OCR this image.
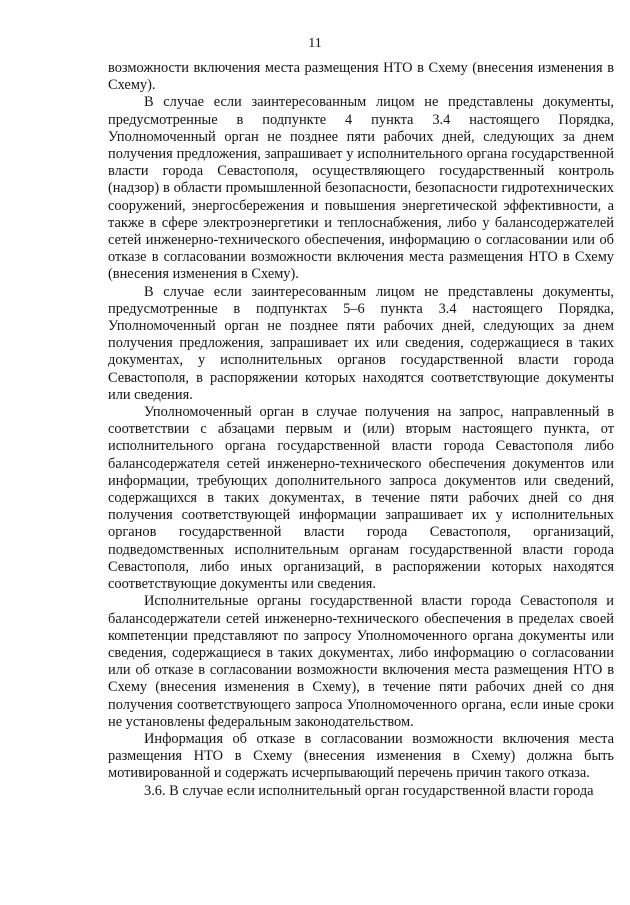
11

возможности включения места размещения НТО в Схему (внесения изменения в Схему).

В случае если заинтересованным лицом не представлены документы, предусмотренные в подпункте 4 пункта 3.4 настоящего Порядка, Уполномоченный орган не позднее пяти рабочих дней, следующих за днем получения предложения, запрашивает у исполнительного органа государственной власти города Севастополя, осуществляющего государственный контроль (надзор) в области промышленной безопасности, безопасности гидротехнических сооружений, энергосбережения и повышения энергетической эффективности, а также в сфере электроэнергетики и теплоснабжения, либо у балансодержателей сетей инженерно-технического обеспечения, информацию о согласовании или об отказе в согласовании возможности включения места размещения НТО в Схему (внесения изменения в Схему).

В случае если заинтересованным лицом не представлены документы, предусмотренные в подпунктах 5–6 пункта 3.4 настоящего Порядка, Уполномоченный орган не позднее пяти рабочих дней, следующих за днем получения предложения, запрашивает их или сведения, содержащиеся в таких документах, у исполнительных органов государственной власти города Севастополя, в распоряжении которых находятся соответствующие документы или сведения.

Уполномоченный орган в случае получения на запрос, направленный в соответствии с абзацами первым и (или) вторым настоящего пункта, от исполнительного органа государственной власти города Севастополя либо балансодержателя сетей инженерно-технического обеспечения документов или информации, требующих дополнительного запроса документов или сведений, содержащихся в таких документах, в течение пяти рабочих дней со дня получения соответствующей информации запрашивает их у исполнительных органов государственной власти города Севастополя, организаций, подведомственных исполнительным органам государственной власти города Севастополя, либо иных организаций, в распоряжении которых находятся соответствующие документы или сведения.

Исполнительные органы государственной власти города Севастополя и балансодержатели сетей инженерно-технического обеспечения в пределах своей компетенции представляют по запросу Уполномоченного органа документы или сведения, содержащиеся в таких документах, либо информацию о согласовании или об отказе в согласовании возможности включения места размещения НТО в Схему (внесения изменения в Схему), в течение пяти рабочих дней со дня получения соответствующего запроса Уполномоченного органа, если иные сроки не установлены федеральным законодательством.

Информация об отказе в согласовании возможности включения места размещения НТО в Схему (внесения изменения в Схему) должна быть мотивированной и содержать исчерпывающий перечень причин такого отказа.

3.6. В случае если исполнительный орган государственной власти города
